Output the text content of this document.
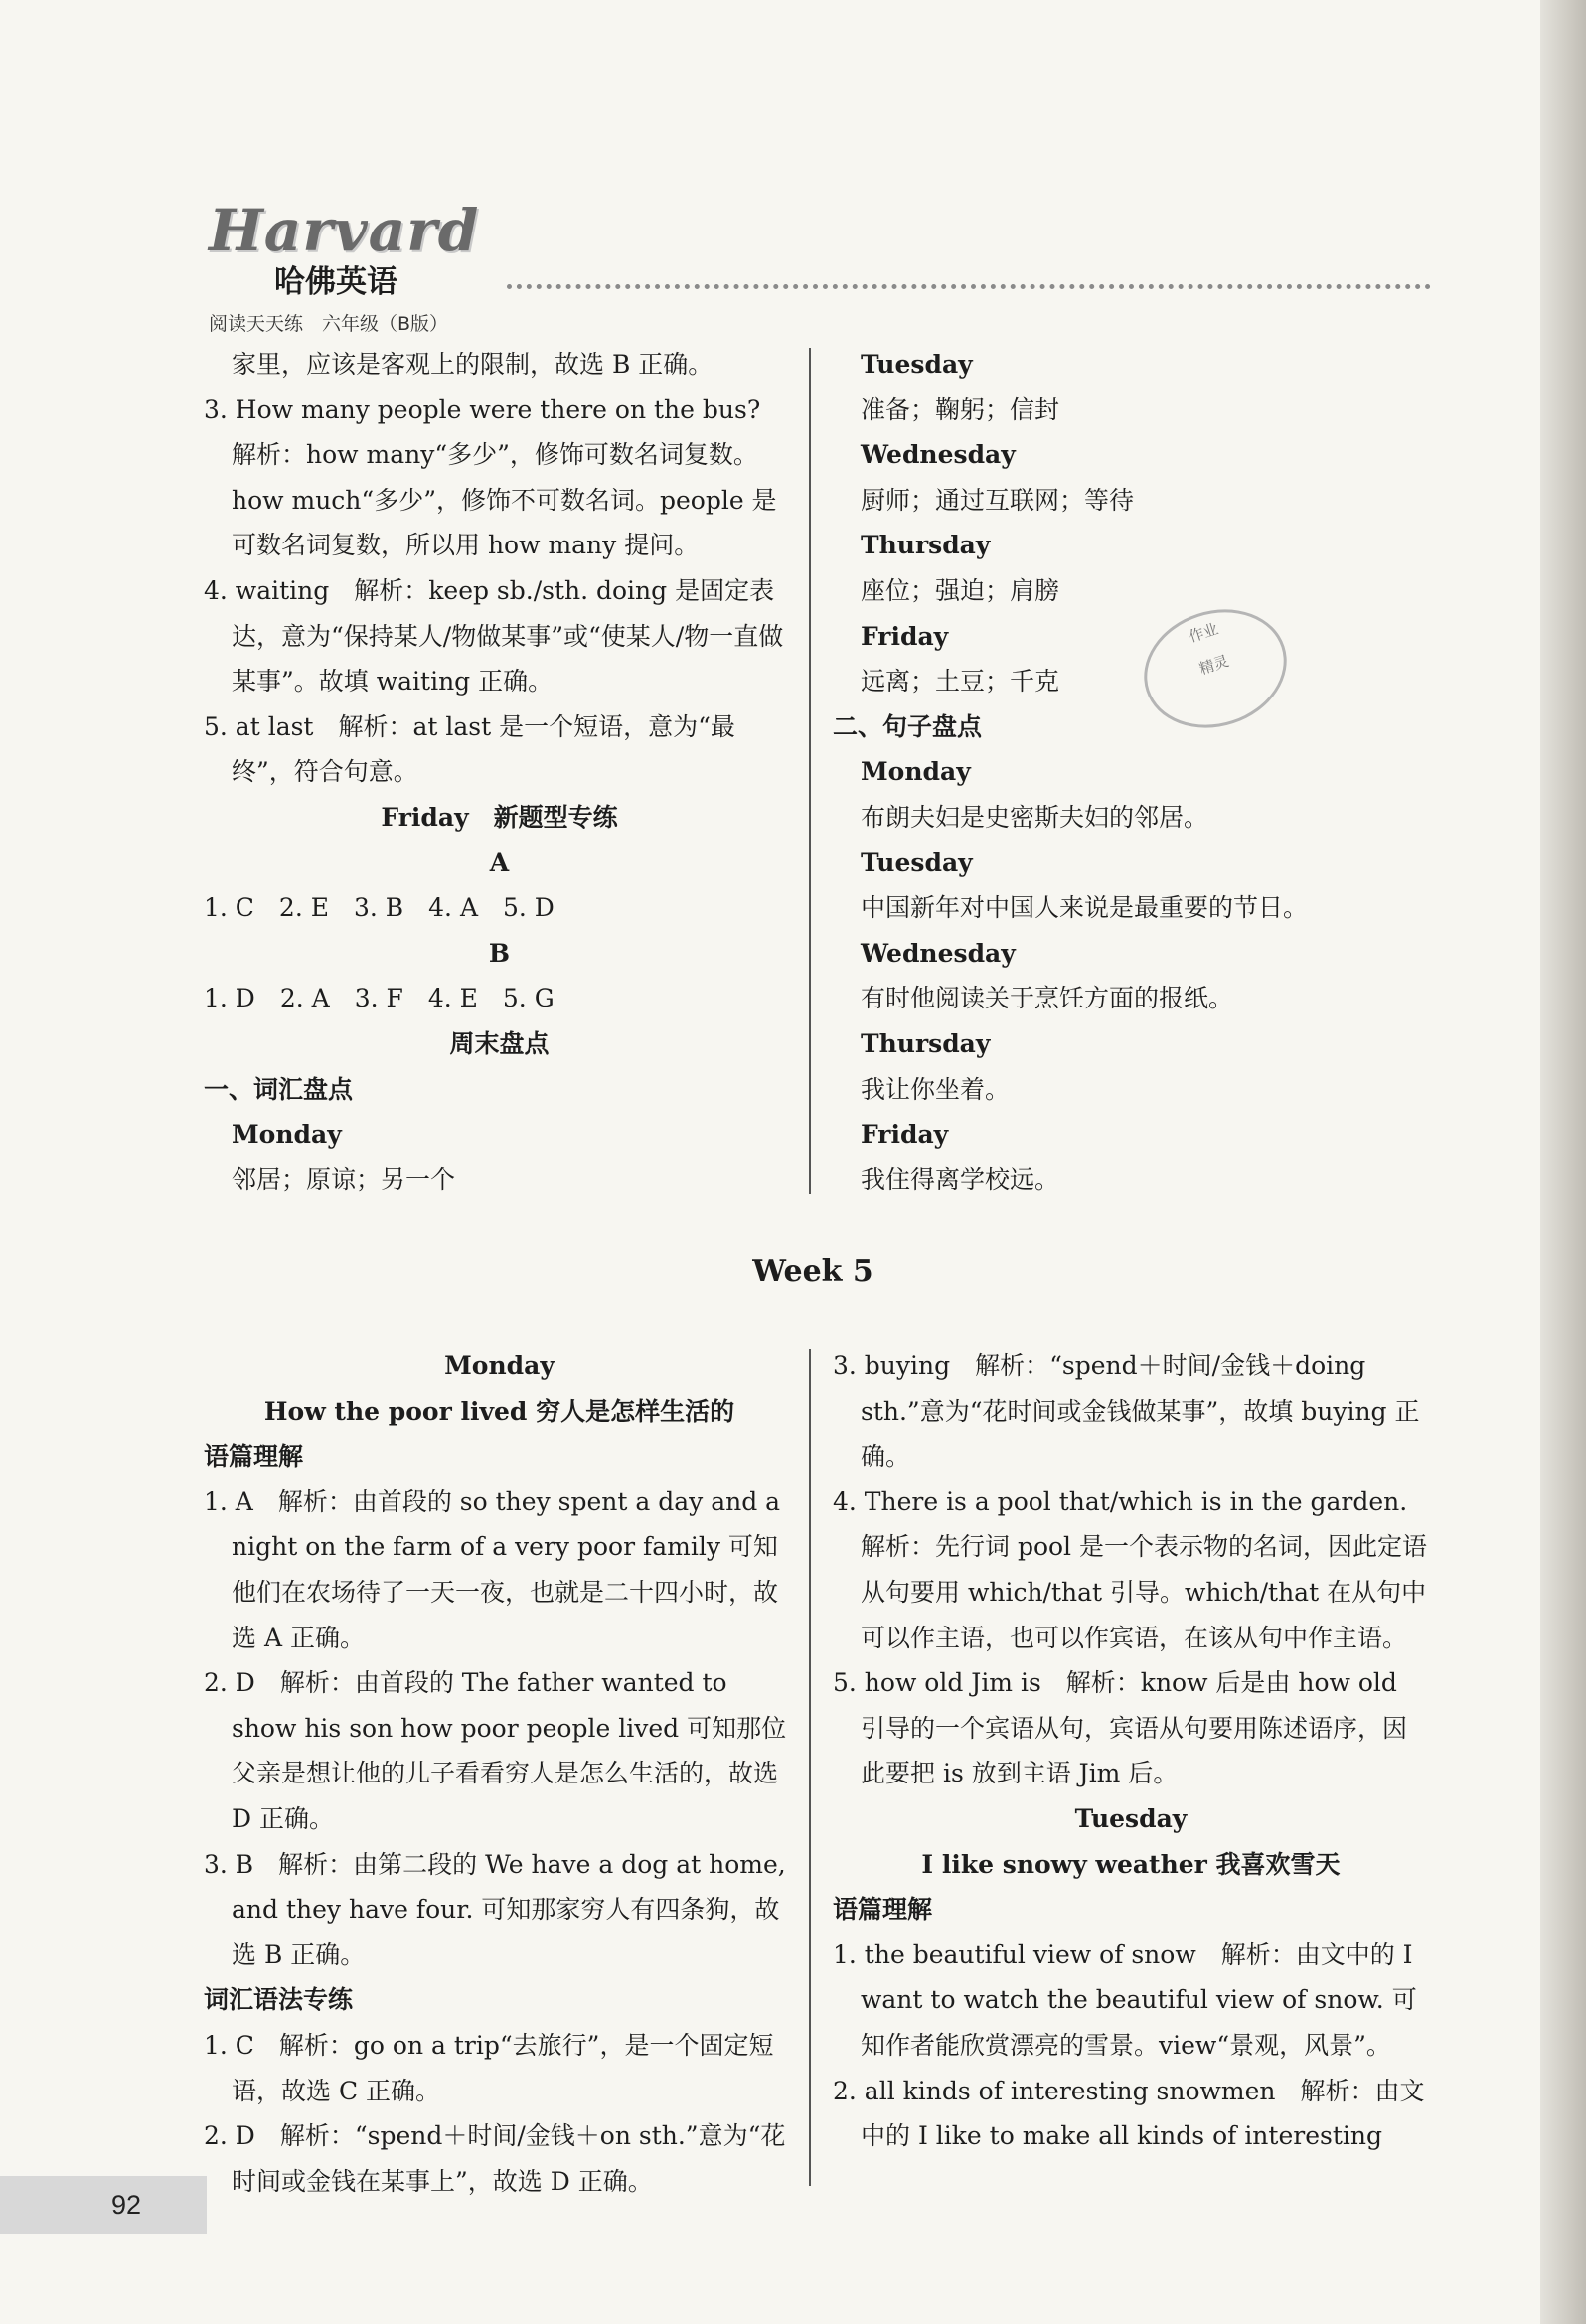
Harvard
哈佛英语
阅读天天练　六年级（B版）

家里，应该是客观上的限制，故选 B 正确。

3. How many people were there on the bus?

解析：how many“多少”，修饰可数名词复数。how much“多少”，修饰不可数名词。people 是可数名词复数，所以用 how many 提问。

4. waiting　解析：keep sb./sth. doing 是固定表达，意为“保持某人/物做某事”或“使某人/物一直做某事”。故填 waiting 正确。

5. at last　解析：at last 是一个短语，意为“最终”，符合句意。

Friday　新题型专练

A

1. C　2. E　3. B　4. A　5. D

B

1. D　2. A　3. F　4. E　5. G

周末盘点

一、词汇盘点

Monday

邻居；原谅；另一个

Tuesday

准备；鞠躬；信封

Wednesday

厨师；通过互联网；等待

Thursday

座位；强迫；肩膀

Friday

远离；土豆；千克

二、句子盘点

Monday

布朗夫妇是史密斯夫妇的邻居。

Tuesday

中国新年对中国人来说是最重要的节日。

Wednesday

有时他阅读关于烹饪方面的报纸。

Thursday

我让你坐着。

Friday

我住得离学校远。

作业
精灵
Week 5

Monday

How the poor lived 穷人是怎样生活的

语篇理解

1. A　解析：由首段的 so they spent a day and a night on the farm of a very poor family 可知他们在农场待了一天一夜，也就是二十四小时，故选 A 正确。

2. D　解析：由首段的 The father wanted to show his son how poor people lived 可知那位父亲是想让他的儿子看看穷人是怎么生活的，故选 D 正确。

3. B　解析：由第二段的 We have a dog at home, and they have four. 可知那家穷人有四条狗，故选 B 正确。

词汇语法专练

1. C　解析：go on a trip“去旅行”，是一个固定短语，故选 C 正确。

2. D　解析：“spend＋时间/金钱＋on sth.”意为“花时间或金钱在某事上”，故选 D 正确。

3. buying　解析：“spend＋时间/金钱＋doing sth.”意为“花时间或金钱做某事”，故填 buying 正确。

4. There is a pool that/which is in the garden.

解析：先行词 pool 是一个表示物的名词，因此定语从句要用 which/that 引导。which/that 在从句中可以作主语，也可以作宾语，在该从句中作主语。

5. how old Jim is　解析：know 后是由 how old 引导的一个宾语从句，宾语从句要用陈述语序，因此要把 is 放到主语 Jim 后。

Tuesday

I like snowy weather 我喜欢雪天

语篇理解

1. the beautiful view of snow　解析：由文中的 I want to watch the beautiful view of snow. 可知作者能欣赏漂亮的雪景。view“景观，风景”。

2. all kinds of interesting snowmen　解析：由文中的 I like to make all kinds of interesting

92
